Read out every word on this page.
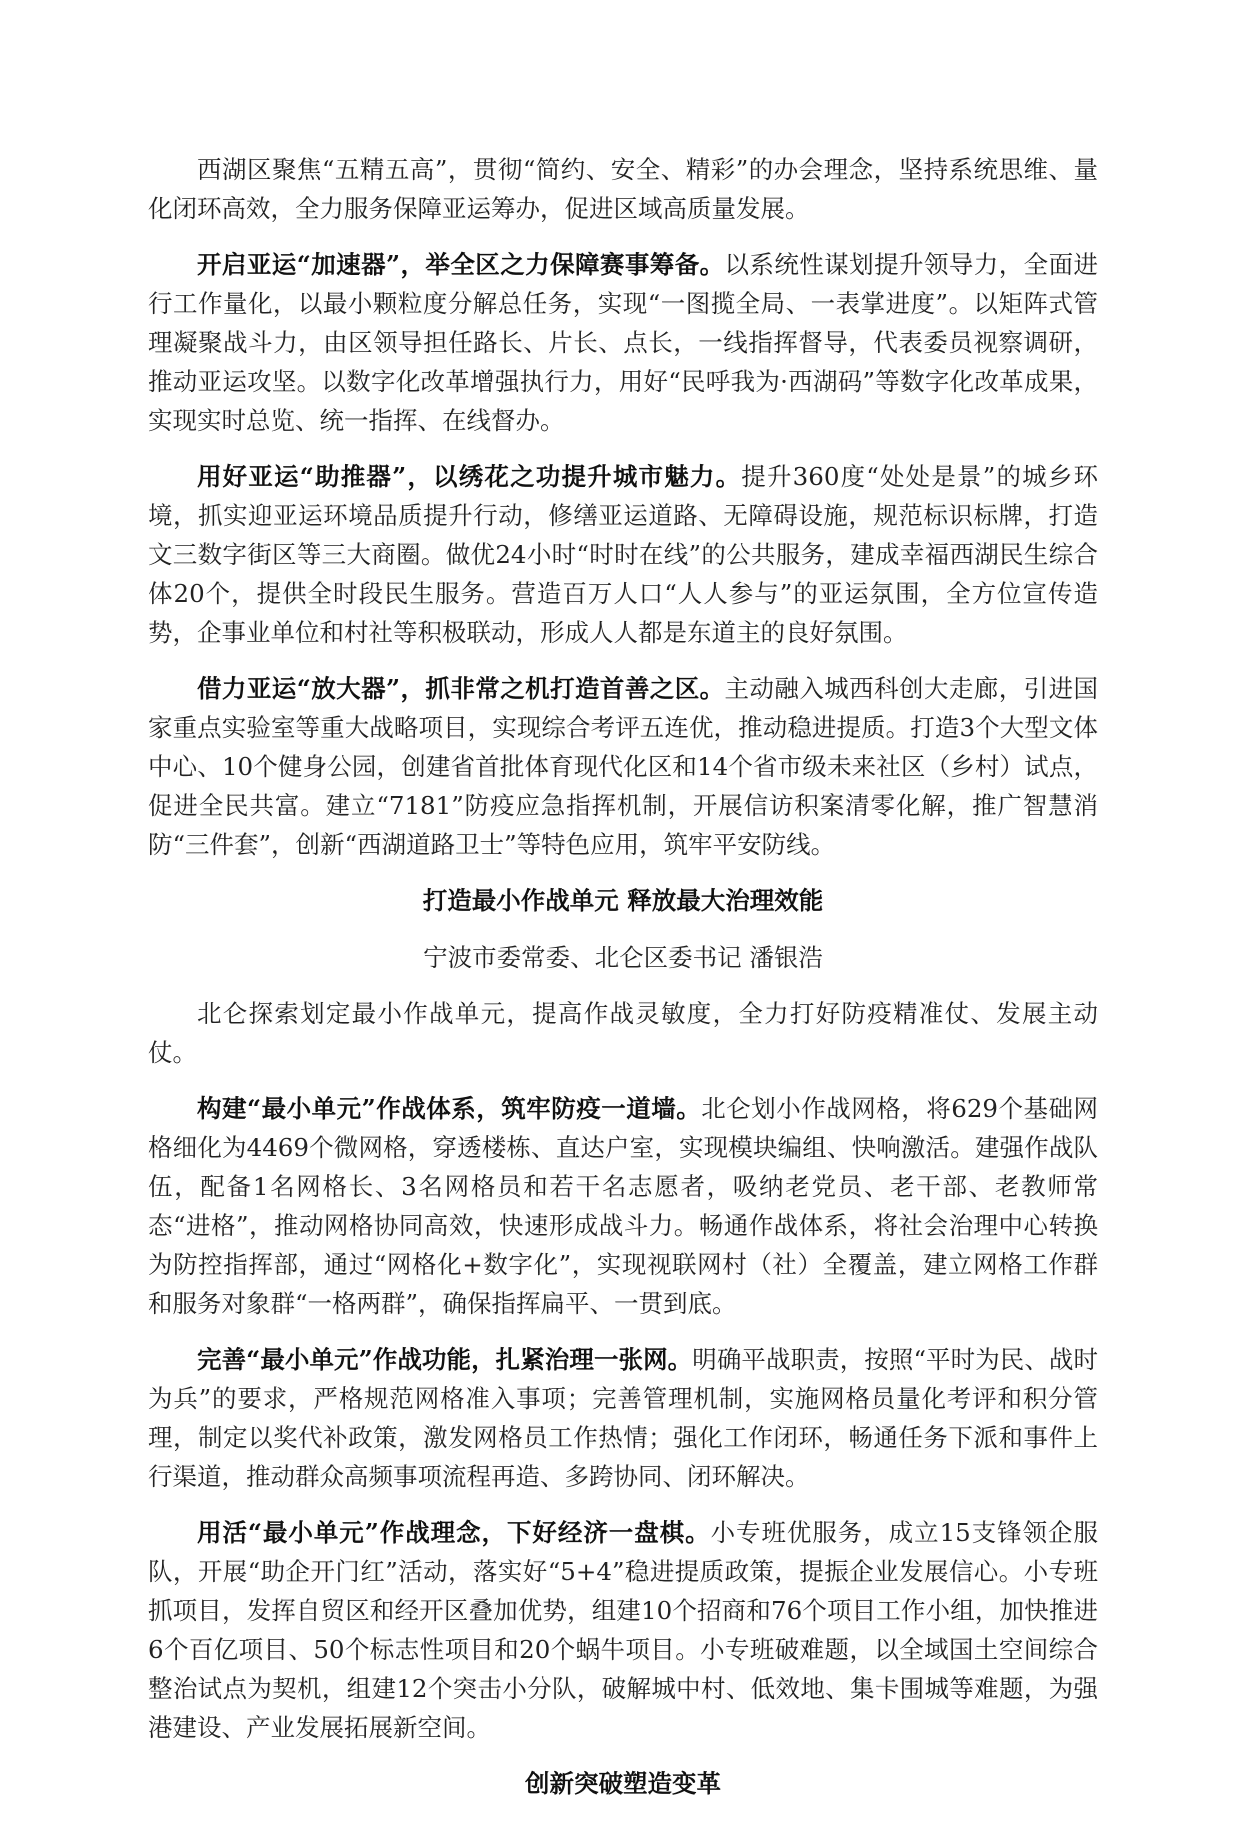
西湖区聚焦“五精五高”，贯彻“简约、安全、精彩”的办会理念，坚持系统思维、量化闭环高效，全力服务保障亚运筹办，促进区域高质量发展。

开启亚运“加速器”，举全区之力保障赛事筹备。以系统性谋划提升领导力，全面进行工作量化，以最小颗粒度分解总任务，实现“一图揽全局、一表掌进度”。以矩阵式管理凝聚战斗力，由区领导担任路长、片长、点长，一线指挥督导，代表委员视察调研，推动亚运攻坚。以数字化改革增强执行力，用好“民呼我为·西湖码”等数字化改革成果，实现实时总览、统一指挥、在线督办。

用好亚运“助推器”，以绣花之功提升城市魅力。提升360度“处处是景”的城乡环境，抓实迎亚运环境品质提升行动，修缮亚运道路、无障碍设施，规范标识标牌，打造文三数字街区等三大商圈。做优24小时“时时在线”的公共服务，建成幸福西湖民生综合体20个，提供全时段民生服务。营造百万人口“人人参与”的亚运氛围，全方位宣传造势，企事业单位和村社等积极联动，形成人人都是东道主的良好氛围。

借力亚运“放大器”，抓非常之机打造首善之区。主动融入城西科创大走廊，引进国家重点实验室等重大战略项目，实现综合考评五连优，推动稳进提质。打造3个大型文体中心、10个健身公园，创建省首批体育现代化区和14个省市级未来社区（乡村）试点，促进全民共富。建立“7181”防疫应急指挥机制，开展信访积案清零化解，推广智慧消防“三件套”，创新“西湖道路卫士”等特色应用，筑牢平安防线。

打造最小作战单元 释放最大治理效能
宁波市委常委、北仑区委书记 潘银浩

北仑探索划定最小作战单元，提高作战灵敏度，全力打好防疫精准仗、发展主动仗。

构建“最小单元”作战体系，筑牢防疫一道墙。北仑划小作战网格，将629个基础网格细化为4469个微网格，穿透楼栋、直达户室，实现模块编组、快响激活。建强作战队伍，配备1名网格长、3名网格员和若干名志愿者，吸纳老党员、老干部、老教师常态“进格”，推动网格协同高效，快速形成战斗力。畅通作战体系，将社会治理中心转换为防控指挥部，通过“网格化+数字化”，实现视联网村（社）全覆盖，建立网格工作群和服务对象群“一格两群”，确保指挥扁平、一贯到底。

完善“最小单元”作战功能，扎紧治理一张网。明确平战职责，按照“平时为民、战时为兵”的要求，严格规范网格准入事项；完善管理机制，实施网格员量化考评和积分管理，制定以奖代补政策，激发网格员工作热情；强化工作闭环，畅通任务下派和事件上行渠道，推动群众高频事项流程再造、多跨协同、闭环解决。

用活“最小单元”作战理念，下好经济一盘棋。小专班优服务，成立15支锋领企服队，开展“助企开门红”活动，落实好“5+4”稳进提质政策，提振企业发展信心。小专班抓项目，发挥自贸区和经开区叠加优势，组建10个招商和76个项目工作小组，加快推进6个百亿项目、50个标志性项目和20个蜗牛项目。小专班破难题，以全域国土空间综合整治试点为契机，组建12个突击小分队，破解城中村、低效地、集卡围城等难题，为强港建设、产业发展拓展新空间。

创新突破塑造变革
